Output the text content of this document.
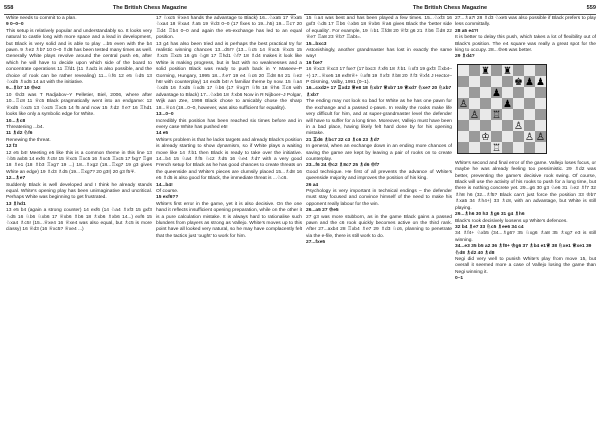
558	The British Chess Magazine	The British Chess Magazine	559

White needs to commit to a plan.

9 0–0–0

This setup is relatively popular and understandably so. It looks very natural to castle long with more space and a lead in development, but Black is very solid and is able to play ...b5 even with the b4 pawn. 9 ♗e2 ♗b7 10 0–0 ♗d8 has been tested many times as well. Generally White plays revolve around the central push e5, after which he will have to decide upon which side of the board to concentrate operations 11 ♖fd1 (11 ♗ad1 is also possible, and the choice of rook can be rather revealing) 11...♘f6 12 e5 ♘d5 13 ♘xd5 ♗xd5 14 a4 with the initiative.

9...♗b7 10 ♔e2

10 ♔d3 was T Radjabov–Y Pelletier, Biel, 2006, where after 10...♖c8 11 ♕c5 Black pragmatically went into an endgame: 12 ♕xd5 ♘xc5 13 ♘xc5 ♖xc5 14 f5 and now 15 ♗d2 ♗e7 16 ♖hd1 looks like only a symbolic edge for White.

10...♗c8

Threatening ...b4.

11 ♗d2 ♘f6

Renewing the threat.

12 f3

12 e5 b4! Meeting e5 like this is a common theme in this line 13 ♘b5 axb5 14 exf6 ♗c5! 15 ♕xc5 ♖xc5 16 ♗xc5 ♖xc5 17 fxg7 ♖g8 18 ♗e1 (18 ♗b3 ♖xg7 19 ...) 18...♗xg2 (18...♖xg7 19 g3 gives White an edge) 19 ♗d3 ♗d5 (19...♖xg7? 20 g3!) 20 g3 f5∓.

12...♗e7

Suddenly Black is well developed and I think he already stands equal. White’s opening play has been unimaginative and uncritical. Perhaps White was beginning to get frustrated.

13 ♗hd1

13 e5 b4 (again a strong counter) 14 exf6 (14 ♘a4 ♗xf3 15 gxf3 ♘d5 16 ♘b6 ♘xb6 17 ♕xb6 ♗b6 18 ♗xb6 ♗xb6 14...) exf6 15 ♘xa4 ♗c5! (15...♕xe4 16 ♕xe4 was also equal, but ♗c5 is more classy) 16 ♕d3 (16 ♕xc5? ♕xe4 ...)

17 ♘xc5 ♕xe4 hands the advantage to Black) 16...♘xa5 17 ♕xa5 ♘xa4 18 ♕xa4 ♗a5 19 ♕d3 0–0 (17 fixes to 19...h5) 19...♖c7 20 ♖d4 ♖b4 0–0 and again the e5-exchange has led to an equal position.

13 g4 has also been tried and is perhaps the best practical try for realistic winning chances 13...d5!? (13...♘c5 14 ♕xc5 ♕xc5 15 ♗xc5 ♖xc5 16 g5 ♘g8 17 ♖hd1 ♘f7 18 ♗d4 makes it look like White is making progress, but in fact with no weaknesses and a solid position Black was ready to push back in Y Maseev–P Gorming, Hungary, 1995 18...♗e7 19 e4 ♘c6 20 ♖d8 84 21 ♘e2 h6! with counterplay) 14 exd5 b4! A familiar theme by now. 15 ♘a4 ♘xd5 16 ♗xd5 ♘xd5 17 ♘b6 (17 ♕xg7! ♘f6 18 ♕h6 ♖c8 with advantage to Black) 17...♘xb6 18 ♗xb6 Now in R Nijboer–J Polgar, Wijk aan Zee, 1998 Black chose to amicably chose the sharp 18...♕c4 (18...0–0, however, was also sufficient for equality).

13...0–0

Incredibly this position has been reached six times before and in every case White has pushed e5!

14 e5

White’s problem is that he lacks targets and already Black’s position is already starting to show dynamism, so if White plays a waiting move like 14 ♗b1 then Black is ready to take over the initiative. 14...b4 15 ♘a4 ♗f5 ♘c2 ♗d5 16 ♘e4 ♗d7 with a very good French setup for Black as he has good chances to create threats on the queenside and White’s pieces are clumsily placed 15...♗d8 16 e5 ♗d5 is also good for Black, the immediate threat is ...♘c6.

14...b4!

Of course.

15 exf6??

White’s first error in the game, yet it is also decisive. On the one hand it reflects insufficient opening preparation, while on the other it is a pure calculation mistake. It is always hard to rationalise such blunders from players as strong as Vallejo. White’s moves up to this point have all looked very natural, so he may have complacently felt that the tactics just ‘ought’ to work for him.

15 ♘a4 was best and has been played a few times. 15...♘xf3 16 gxf3 ♘d5 17 ♖b6 ♘xb6 18 ♕xb6 ♕a6 gives Black the ‘better side of equality’. For example, 19 ♘b1 ♖fd8 20 ♕f2 g6 21 ♗b6 ♖d8 22 ♕e7 ♖a8 23 ♕b7 ♖abt=.

15...bxc3

Astonishingly, another grandmaster has lost in exactly the same way!

16 fxe7

16 ♕xc3 ♕xc3 17 fxe7 (17 bxc3 ♗xf6 18 ♗b1 ♘xf3 19 gxf3 ♖xb4–+) 17...♕xe5 18 exf8♕+ ♘xf8 19 ♗xf3 ♗b8 20 ♗f3 ♕xf4 J Hector–P Gisming, Valby, 1991 (0–1).

16...cxd2+ 17 ♖xd2 ♕e8 18 ♘xb7 ♕xb7 19 ♕xd7 ♘xe7 20 ♘xb7 ♗xb7

The ending may not look so bad for White as he has one pawn for the exchange and a passed c-pawn. In reality the rooks make life very difficult for him, and at super-grandmaster level the defender will have to suffer for a long time. Moreover, Vallejo must have been in a bad place, having likely felt hard done by for his opening mistake.

21 ♖d6 ♗bc7 22 c3 ♗c6 23 ♗d7

In general, when an exchange down in an ending more chances of saving the game are kept by leaving a pair of rooks on to create counterplay.

23...f6 24 ♔c2 ♗8c7 25 ♗d6 ♔f7

Good technique. He first of all prevents the advance of White’s queenside majority and improves the position of his king.

26 a4

Psychology is very important in technical endings – the defender must stay focused and convince himself of the need to make his opponent really labour for the win.

26...a5 27 ♔e5

27 g3 was more stubborn, as in the game Black gains a passed pawn and the c6 rook quickly becomes active on the third rank. After 27...axb4 28 ♖xb4 ♗e7 29 ♗d3 ♘c6, planning to penetrate via the e-file, there is still work to do.

27...fxe5

27...♗a7! 28 ♗d3 ♘xe5 was also possible if Black prefers to play less committally.

28 a5 e4?!

It is better to delay this push, which takes a lot of flexibility out of Black’s position. The e4 square was really a great spot for the king to occupy. 28...♔e6 was better.

29 ♗d4?

♜ ♜
♚ ♟ ♟
♟
♙	♟
♙ ♖
♙
♔	♙ ♙
♖

White’s second and final error of the game. Vallejo loses focus, or maybe he was already feeling too pessimistic. 29 ♗d2 was better, preventing the game’s decisive rook swing. Of course, Black will use the activity of his rooks to push for a long time, but there is nothing concrete yet. 29...g6 30 g3 ♘e6 31 ♘e2 ♗f7 32 ♗h8 h6 (32...♗f5? Black can’t just force the position 33 ♔b7 ♗xa5 34 ♗h4+) 33 ♗c8, with an advantage, but White is still playing.

29...♗h6 30 h3 ♗g6 31 g4 ♗h6

Black’s rook decisively loosens up White’s defences.

32 b4 ♗e7 33 ♘c5 ♗ee6 34 c4

34 ♗f4+ ♘xb5 (34...♗g6? 35 ♘xg6 ♗a8 35 ♗xg7 e3 is still winning.

34...e3 35 b5 a2 36 ♗f8+ ♔g6 37 ♗b4 e1♕ 38 ♘xe1 ♕xe1 39 ♘d8 ♗d2 40 ♗d8

Negi did very well to punish White’s play from move 15, but overall it seemed more a case of Vallejo losing the game than Negi winning it.

0–1
